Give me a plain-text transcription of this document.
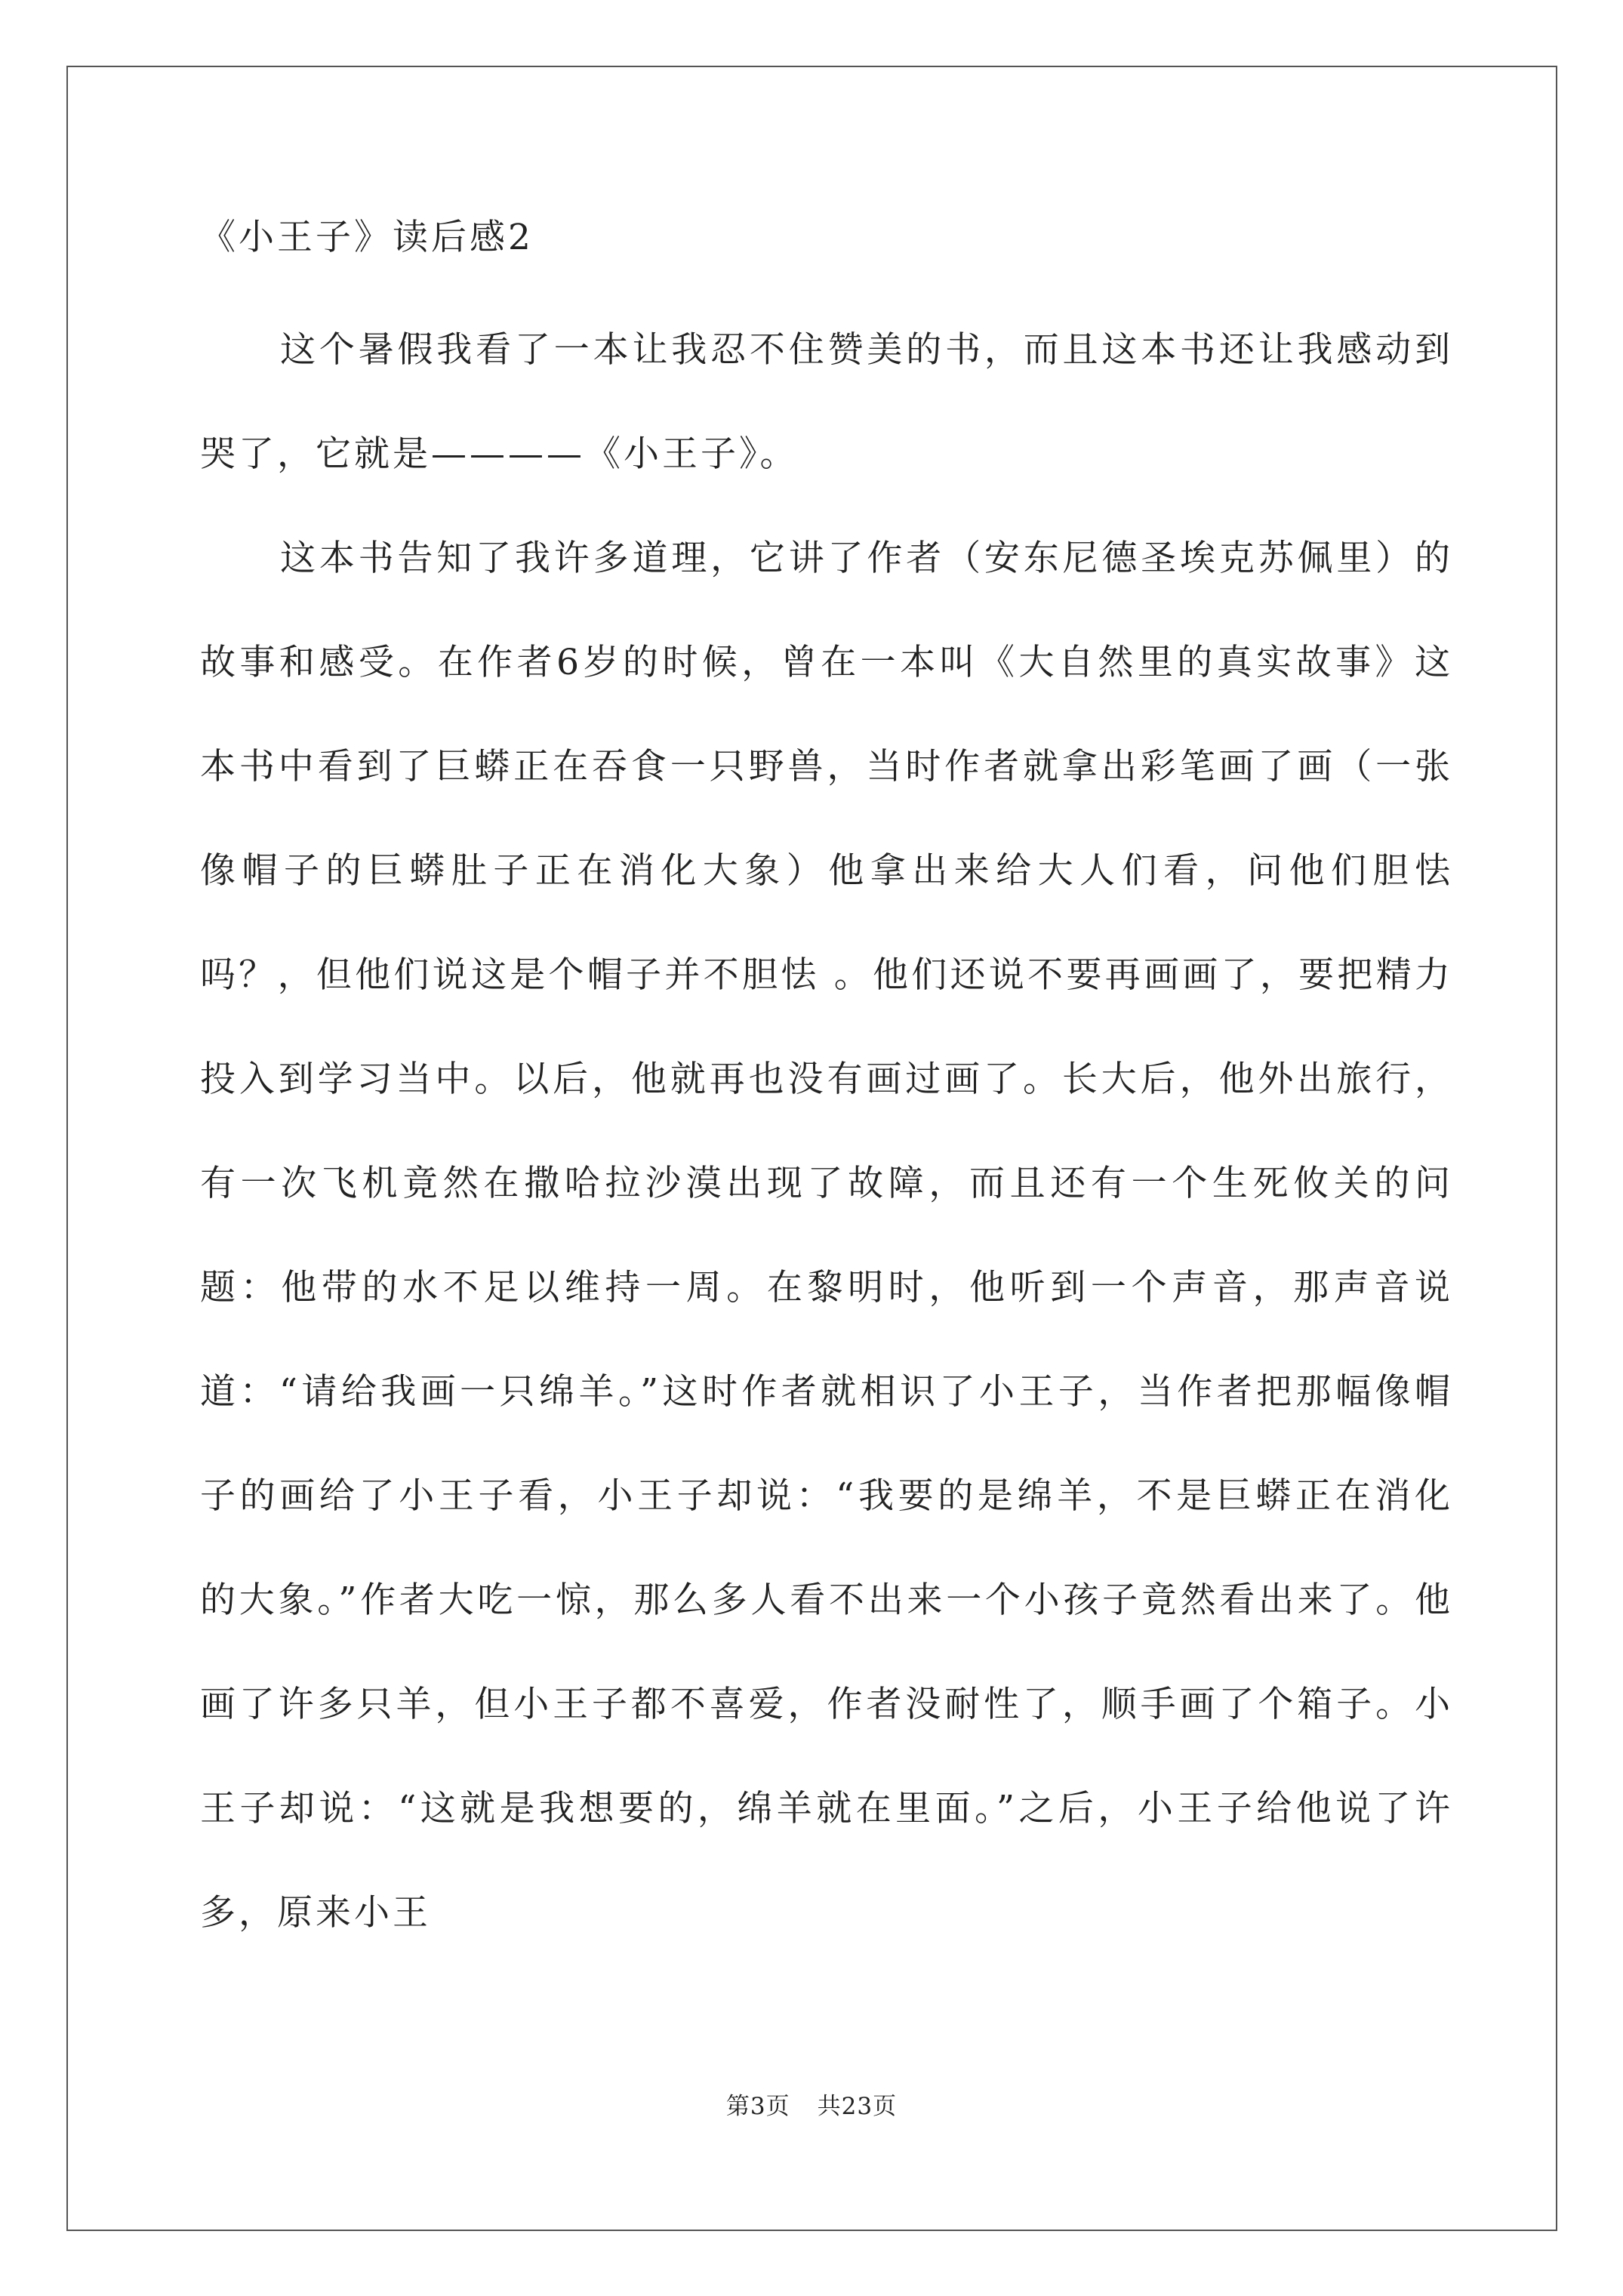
《小王子》读后感2

这个暑假我看了一本让我忍不住赞美的书，而且这本书还让我感动到哭了，它就是————《小王子》。

这本书告知了我许多道理，它讲了作者（安东尼德圣埃克苏佩里）的故事和感受。在作者6岁的时候，曾在一本叫《大自然里的真实故事》这本书中看到了巨蟒正在吞食一只野兽，当时作者就拿出彩笔画了画（一张像帽子的巨蟒肚子正在消化大象）他拿出来给大人们看，问他们胆怯 吗？，但他们说这是个帽子并不胆怯 。他们还说不要再画画了，要把精力投入到学习当中。以后，他就再也没有画过画了。长大后，他外出旅行，有一次飞机竟然在撒哈拉沙漠出现了故障，而且还有一个生死攸关的问题：他带的水不足以维持一周。在黎明时，他听到一个声音，那声音说道：“请给我画一只绵羊。”这时作者就相识了小王子，当作者把那幅像帽子的画给了小王子看，小王子却说：“我要的是绵羊，不是巨蟒正在消化的大象。”作者大吃一惊，那么多人看不出来一个小孩子竟然看出来了。他画了许多只羊，但小王子都不喜爱，作者没耐性了，顺手画了个箱子。小王子却说：“这就是我想要的，绵羊就在里面。”之后，小王子给他说了许多，原来小王

第3页 共23页
